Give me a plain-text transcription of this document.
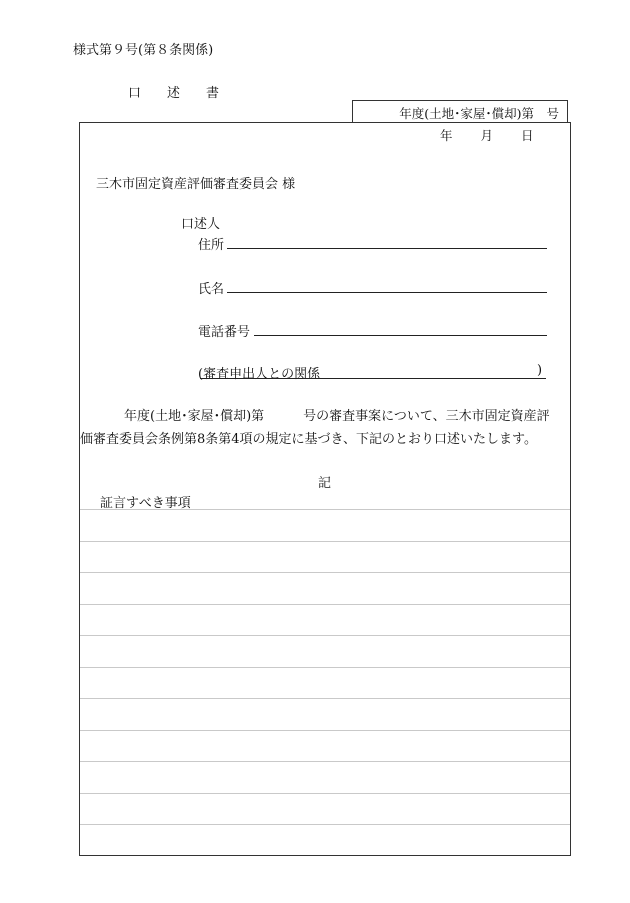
様式第９号(第８条関係)
口述書
年度(土地･家屋･償却)第　号
年 月 日
三木市固定資産評価審査委員会 様
口述人
住所
氏名
電話番号
(審査申出人との関係	)
年度(土地･家屋･償却)第　　　号の審査事案について、三木市固定資産評
価審査委員会条例第8条第4項の規定に基づき、下記のとおり口述いたします。
記
証言すべき事項
